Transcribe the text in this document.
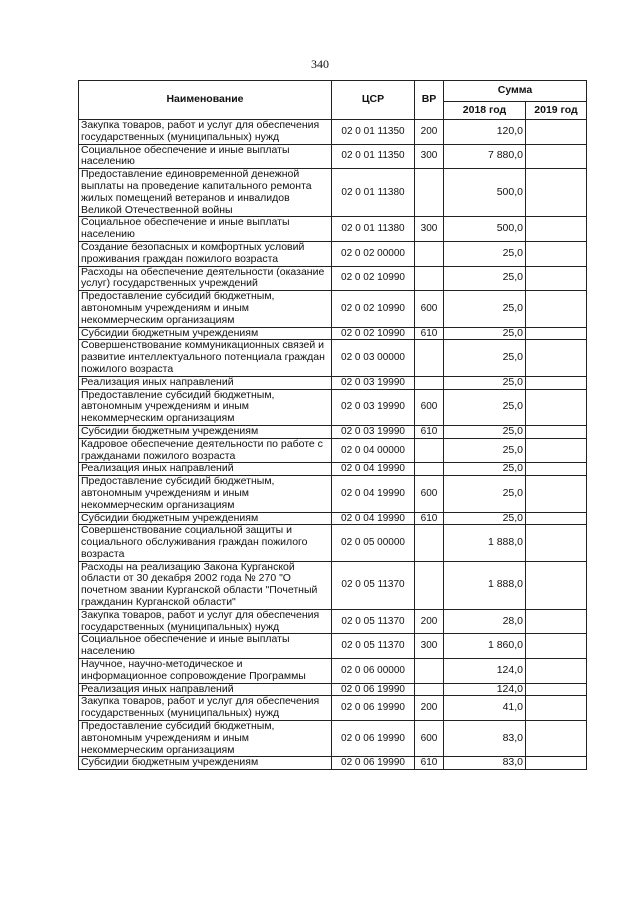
340
Наименование	ЦСР	ВР	Сумма	
			2018 год	2019 год
Закупка товаров, работ и услуг для обеспечения государственных (муниципальных) нужд	02 0 01 11350	200	120,0	
Социальное обеспечение и иные выплаты населению	02 0 01 11350	300	7 880,0	
Предоставление единовременной денежной выплаты на проведение капитального ремонта жилых помещений ветеранов и инвалидов Великой Отечественной войны	02 0 01 11380		500,0	
Социальное обеспечение и иные выплаты населению	02 0 01 11380	300	500,0	
Создание безопасных и комфортных условий проживания граждан пожилого возраста	02 0 02 00000		25,0	
Расходы на обеспечение деятельности (оказание услуг) государственных учреждений	02 0 02 10990		25,0	
Предоставление субсидий бюджетным, автономным учреждениям и иным некоммерческим организациям	02 0 02 10990	600	25,0	
Субсидии бюджетным учреждениям	02 0 02 10990	610	25,0	
Совершенствование коммуникационных связей и развитие интеллектуального потенциала граждан пожилого возраста	02 0 03 00000		25,0	
Реализация иных направлений	02 0 03 19990		25,0	
Предоставление субсидий бюджетным, автономным учреждениям и иным некоммерческим организациям	02 0 03 19990	600	25,0	
Субсидии бюджетным учреждениям	02 0 03 19990	610	25,0	
Кадровое обеспечение деятельности по работе с гражданами пожилого возраста	02 0 04 00000		25,0	
Реализация иных направлений	02 0 04 19990		25,0	
Предоставление субсидий бюджетным, автономным учреждениям и иным некоммерческим организациям	02 0 04 19990	600	25,0	
Субсидии бюджетным учреждениям	02 0 04 19990	610	25,0	
Совершенствование социальной защиты и социального обслуживания граждан пожилого возраста	02 0 05 00000		1 888,0	
Расходы на реализацию Закона Курганской области от 30 декабря 2002 года № 270 "О почетном звании Курганской области "Почетный гражданин Курганской области"	02 0 05 11370		1 888,0	
Закупка товаров, работ и услуг для обеспечения государственных (муниципальных) нужд	02 0 05 11370	200	28,0	
Социальное обеспечение и иные выплаты населению	02 0 05 11370	300	1 860,0	
Научное, научно-методическое и информационное сопровождение Программы	02 0 06 00000		124,0	
Реализация иных направлений	02 0 06 19990		124,0	
Закупка товаров, работ и услуг для обеспечения государственных (муниципальных) нужд	02 0 06 19990	200	41,0	
Предоставление субсидий бюджетным, автономным учреждениям и иным некоммерческим организациям	02 0 06 19990	600	83,0	
Субсидии бюджетным учреждениям	02 0 06 19990	610	83,0	
